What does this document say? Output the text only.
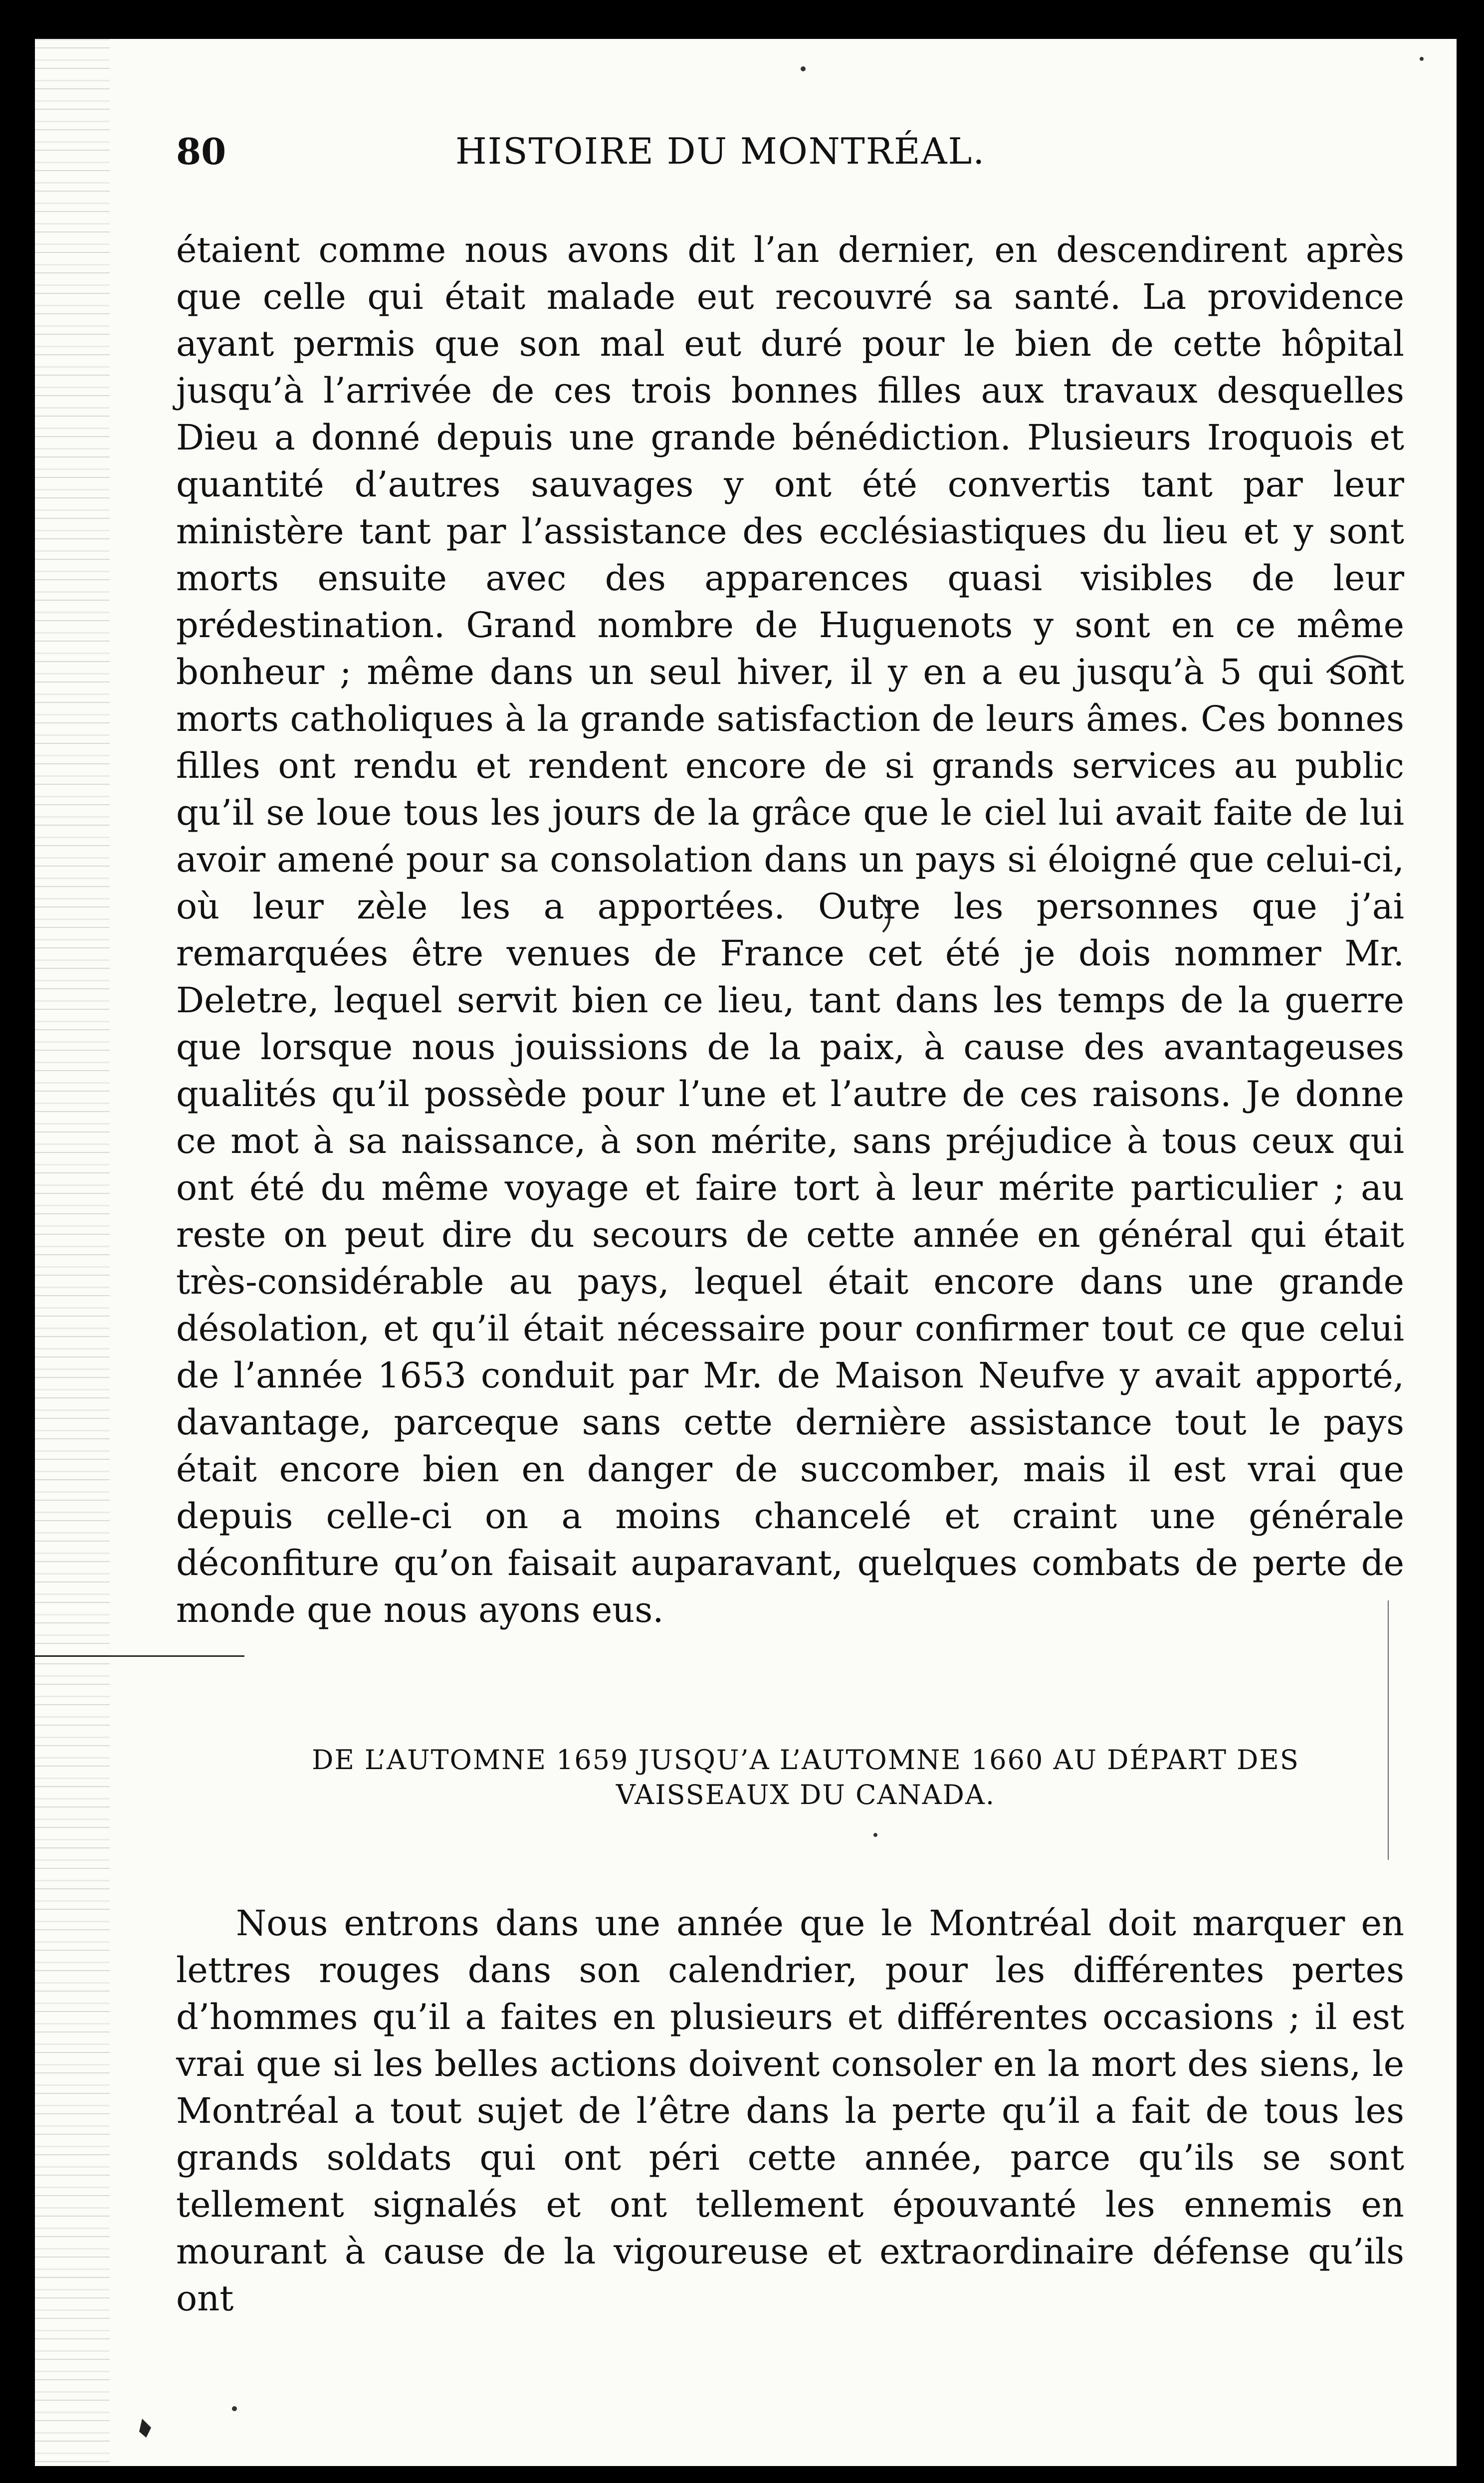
80	HISTOIRE DU MONTRÉAL.

étaient comme nous avons dit l’an dernier, en descendirent après que celle qui était malade eut recouvré sa santé. La providence ayant permis que son mal eut duré pour le bien de cette hôpital jusqu’à l’arrivée de ces trois bonnes filles aux travaux desquelles Dieu a donné depuis une grande bénédiction. Plusieurs Iroquois et quantité d’autres sauvages y ont été convertis tant par leur ministère tant par l’assistance des ecclésiastiques du lieu et y sont morts ensuite avec des apparences quasi visibles de leur prédestination. Grand nombre de Huguenots y sont en ce même bonheur ; même dans un seul hiver, il y en a eu jusqu’à 5 qui sont morts catholiques à la grande satisfaction de leurs âmes. Ces bonnes filles ont rendu et rendent encore de si grands services au public qu’il se loue tous les jours de la grâce que le ciel lui avait faite de lui avoir amené pour sa consolation dans un pays si éloigné que celui-ci, où leur zèle les a apportées. Outre les personnes que j’ai remarquées être venues de France cet été je dois nommer Mr. Deletre, lequel servit bien ce lieu, tant dans les temps de la guerre que lorsque nous jouissions de la paix, à cause des avantageuses qualités qu’il possède pour l’une et l’autre de ces raisons. Je donne ce mot à sa naissance, à son mérite, sans préjudice à tous ceux qui ont été du même voyage et faire tort à leur mérite particulier ; au reste on peut dire du secours de cette année en général qui était très-considérable au pays, lequel était encore dans une grande désolation, et qu’il était nécessaire pour confirmer tout ce que celui de l’année 1653 conduit par Mr. de Maison Neufve y avait apporté, davantage, parceque sans cette dernière assistance tout le pays était encore bien en danger de succomber, mais il est vrai que depuis celle-ci on a moins chancelé et craint une générale déconfiture qu’on faisait auparavant, quelques combats de perte de monde que nous ayons eus.

DE L’AUTOMNE 1659 JUSQU’A L’AUTOMNE 1660 AU DÉPART DES
VAISSEAUX DU CANADA.

Nous entrons dans une année que le Montréal doit marquer en lettres rouges dans son calendrier, pour les différentes pertes d’hommes qu’il a faites en plusieurs et différentes occasions ; il est vrai que si les belles actions doivent consoler en la mort des siens, le Montréal a tout sujet de l’être dans la perte qu’il a fait de tous les grands soldats qui ont péri cette année, parce qu’ils se sont tellement signalés et ont tellement épouvanté les ennemis en mourant à cause de la vigoureuse et extraordinaire défense qu’ils ont
